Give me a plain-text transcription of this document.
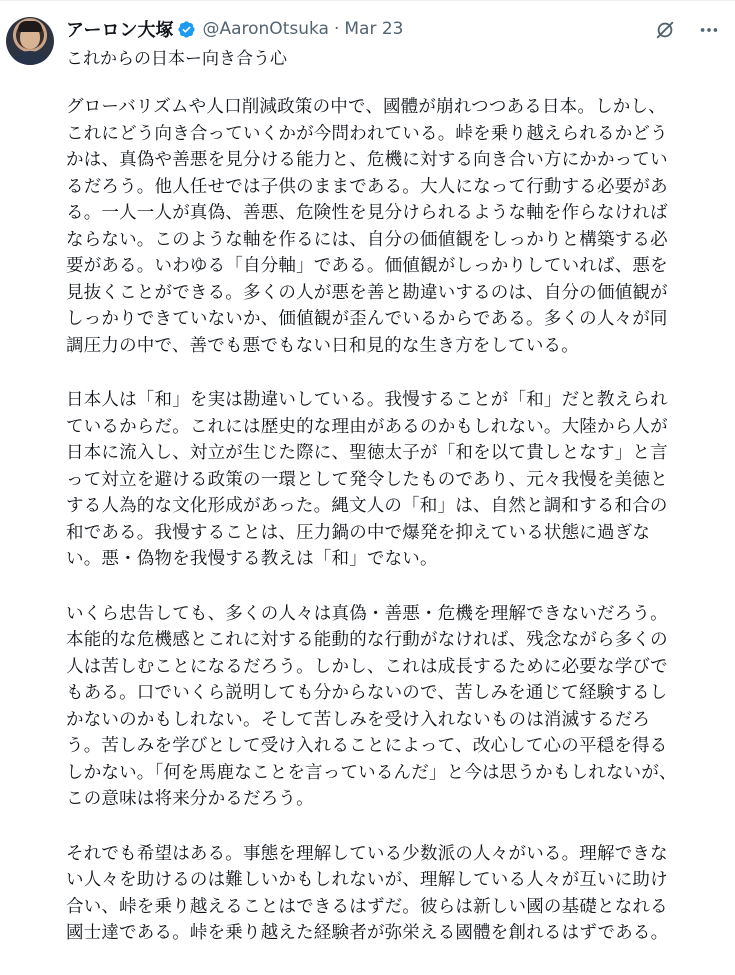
アーロン大塚 @AaronOtsuka · Mar 23
これからの日本ー向き合う心
グローバリズムや人口削減政策の中で、國體が崩れつつある日本。しかし、
これにどう向き合っていくかが今問われている。峠を乗り越えられるかどう
かは、真偽や善悪を見分ける能力と、危機に対する向き合い方にかかってい
るだろう。他人任せでは子供のままである。大人になって行動する必要があ
る。一人一人が真偽、善悪、危険性を見分けられるような軸を作らなければ
ならない。このような軸を作るには、自分の価値観をしっかりと構築する必
要がある。いわゆる「自分軸」である。価値観がしっかりしていれば、悪を
見抜くことができる。多くの人が悪を善と勘違いするのは、自分の価値観が
しっかりできていないか、価値観が歪んでいるからである。多くの人々が同
調圧力の中で、善でも悪でもない日和見的な生き方をしている。
日本人は「和」を実は勘違いしている。我慢することが「和」だと教えられ
ているからだ。これには歴史的な理由があるのかもしれない。大陸から人が
日本に流入し、対立が生じた際に、聖徳太子が「和を以て貴しとなす」と言
って対立を避ける政策の一環として発令したものであり、元々我慢を美徳と
する人為的な文化形成があった。縄文人の「和」は、自然と調和する和合の
和である。我慢することは、圧力鍋の中で爆発を抑えている状態に過ぎな
い。悪・偽物を我慢する教えは「和」でない。
いくら忠告しても、多くの人々は真偽・善悪・危機を理解できないだろう。
本能的な危機感とこれに対する能動的な行動がなければ、残念ながら多くの
人は苦しむことになるだろう。しかし、これは成長するために必要な学びで
もある。口でいくら説明しても分からないので、苦しみを通じて経験するし
かないのかもしれない。そして苦しみを受け入れないものは消滅するだろ
う。苦しみを学びとして受け入れることによって、改心して心の平穏を得る
しかない。「何を馬鹿なことを言っているんだ」と今は思うかもしれないが、
この意味は将来分かるだろう。
それでも希望はある。事態を理解している少数派の人々がいる。理解できな
い人々を助けるのは難しいかもしれないが、理解している人々が互いに助け
合い、峠を乗り越えることはできるはずだ。彼らは新しい國の基礎となれる
國士達である。峠を乗り越えた経験者が弥栄える國體を創れるはずである。
